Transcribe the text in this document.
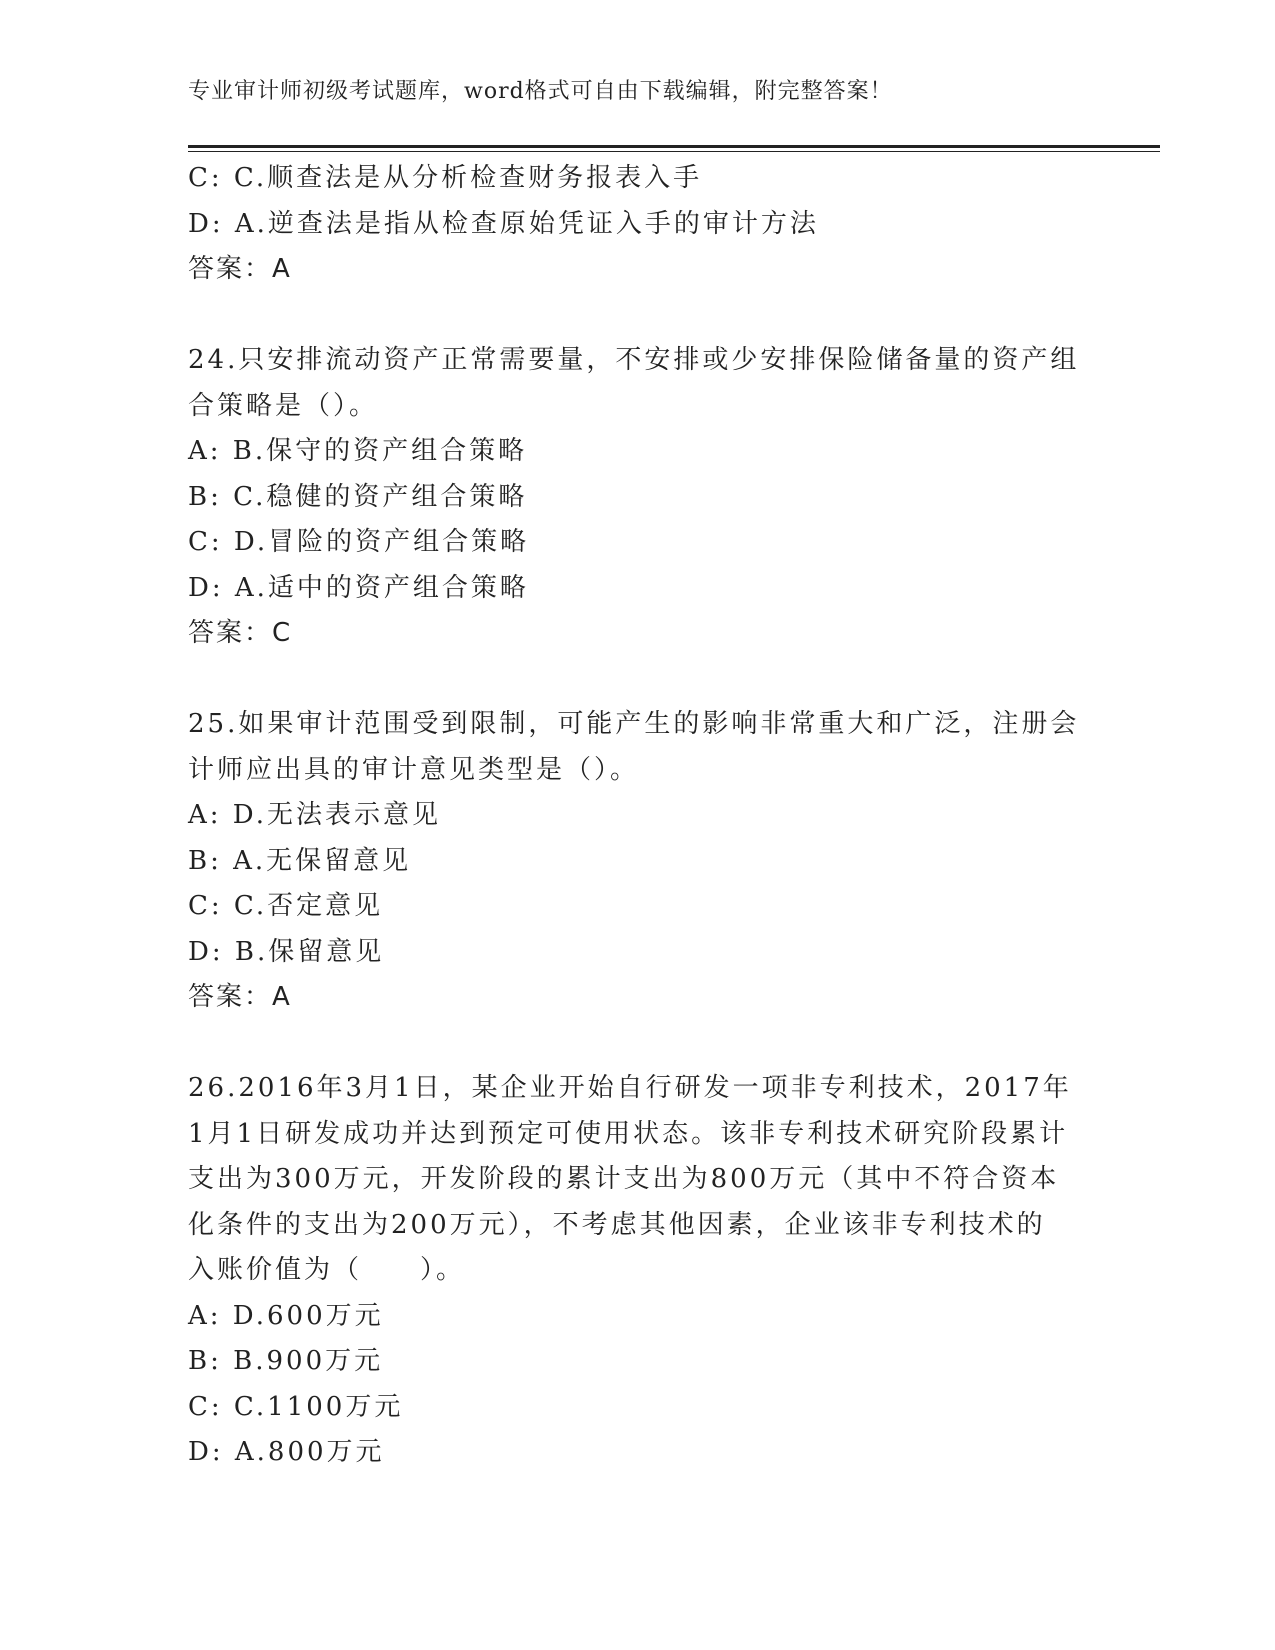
专业审计师初级考试题库，word格式可自由下载编辑，附完整答案！
C: C.顺查法是从分析检查财务报表入手
D: A.逆查法是指从检查原始凭证入手的审计方法
答案：A
24.只安排流动资产正常需要量，不安排或少安排保险储备量的资产组
合策略是（）。
A: B.保守的资产组合策略
B: C.稳健的资产组合策略
C: D.冒险的资产组合策略
D: A.适中的资产组合策略
答案：C
25.如果审计范围受到限制，可能产生的影响非常重大和广泛，注册会
计师应出具的审计意见类型是（）。
A: D.无法表示意见
B: A.无保留意见
C: C.否定意见
D: B.保留意见
答案：A
26.2016年3月1日，某企业开始自行研发一项非专利技术，2017年
1月1日研发成功并达到预定可使用状态。该非专利技术研究阶段累计
支出为300万元，开发阶段的累计支出为800万元（其中不符合资本
化条件的支出为200万元），不考虑其他因素，企业该非专利技术的
入账价值为（　　）。
A: D.600万元
B: B.900万元
C: C.1100万元
D: A.800万元
